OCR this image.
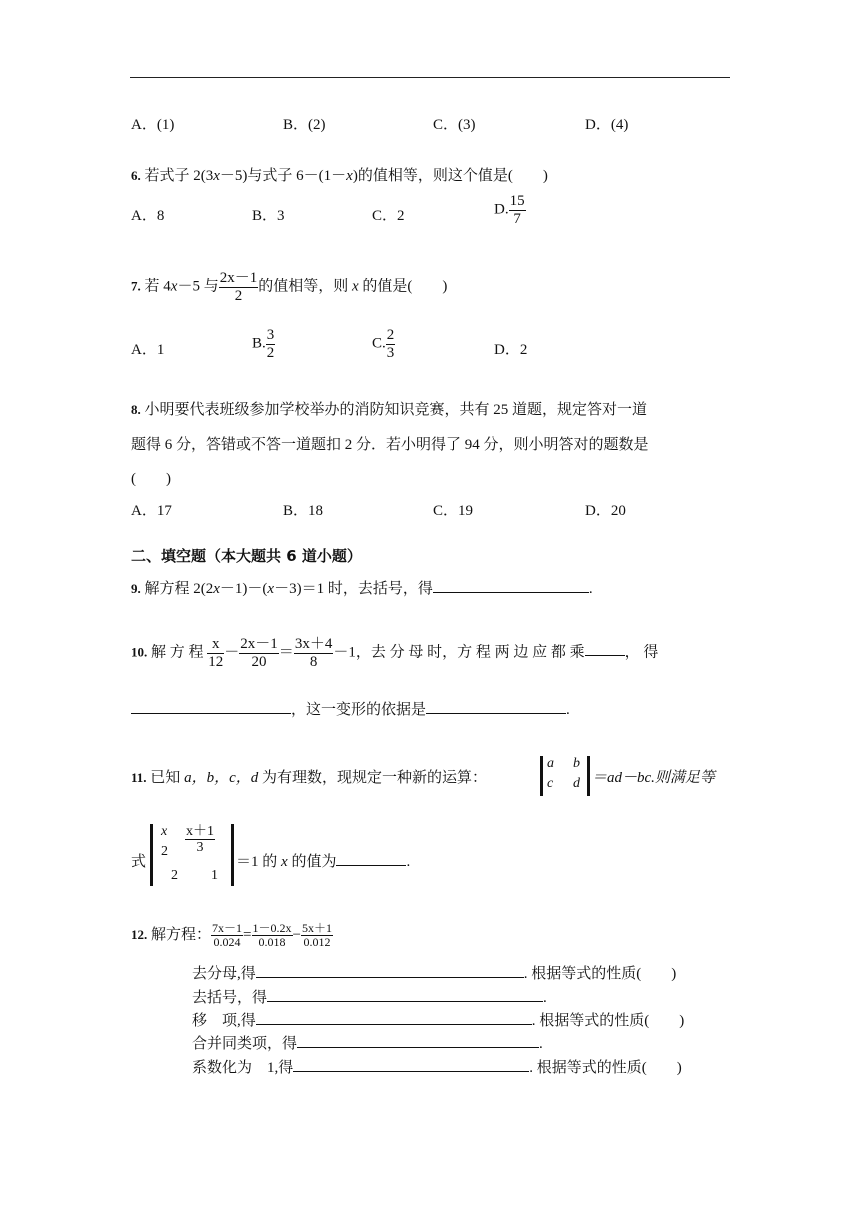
A．(1)	B．(2)	C．(3)	D．(4)
6. 若式子 2(3x－5)与式子 6－(1－x)的值相等，则这个值是(　　)
A．8	B．3	C．2	D. $\frac{15}{7}$
7. 若 4x－5 与 $\frac{2x-1}{2}$ 的值相等，则 x 的值是(　　)
A．1	B. $\frac{3}{2}$	C. $\frac{2}{3}$	D．2
8. 小明要代表班级参加学校举办的消防知识竞赛，共有 25 道题，规定答对一道
题得 6 分，答错或不答一道题扣 2 分．若小明得了 94 分，则小明答对的题数是
(　　)
A．17	B．18	C．19	D．20
二、填空题（本大题共 6 道小题）
9. 解方程 2(2x－1)－(x－3)＝1 时，去括号，得	.
10. 解 方 程 $\frac{x}{12} - \frac{2x-1}{20} = \frac{3x+4}{8} -1$，去 分 母 时，方 程 两 边 应 都 乘	， 得
，这一变形的依据是	.
11. 已知 a，b，c，d 为有理数，现规定一种新的运算：
a b
c d ＝ad－bc.则满足等
式
x $\frac{x+1}{3}$
2
2 1
＝1 的 x 的值为	.
12. 解方程： $\frac{7x-1}{0.024} = \frac{1-0.2x}{0.018} - \frac{5x+1}{0.012}$
去分母,得	. 根据等式的性质(　　)
去括号，得	.
移　项,得	. 根据等式的性质(　　)
合并同类项，得	.
系数化为　1,得	. 根据等式的性质(　　)
